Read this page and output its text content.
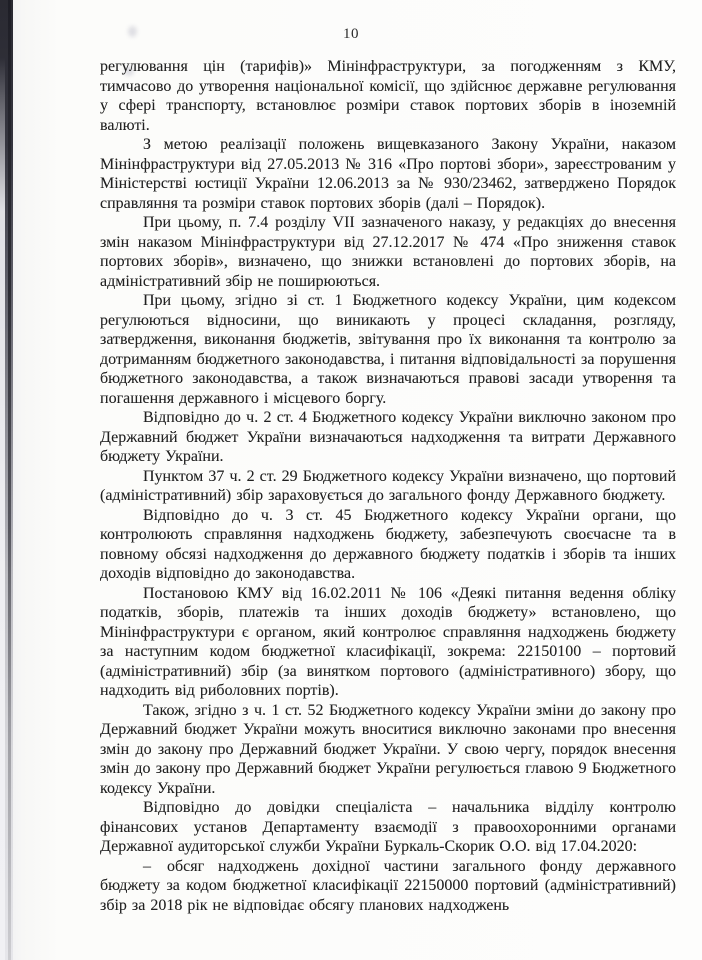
10

регулювання цін (тарифів)» Мінінфраструктури, за погодженням з КМУ, тимчасово до утворення національної комісії, що здійснює державне регулювання у сфері транспорту, встановлює розміри ставок портових зборів в іноземній валюті.

З метою реалізації положень вищевказаного Закону України, наказом Мінінфраструктури від 27.05.2013 № 316 «Про портові збори», зареєстрованим у Міністерстві юстиції України 12.06.2013 за № 930/23462, затверджено Порядок справляння та розміри ставок портових зборів (далі – Порядок).

При цьому, п. 7.4 розділу VII зазначеного наказу, у редакціях до внесення змін наказом Мінінфраструктури від 27.12.2017 № 474 «Про зниження ставок портових зборів», визначено, що знижки встановлені до портових зборів, на адміністративний збір не поширюються.

При цьому, згідно зі ст. 1 Бюджетного кодексу України, цим кодексом регулюються відносини, що виникають у процесі складання, розгляду, затвердження, виконання бюджетів, звітування про їх виконання та контролю за дотриманням бюджетного законодавства, і питання відповідальності за порушення бюджетного законодавства, а також визначаються правові засади утворення та погашення державного і місцевого боргу.

Відповідно до ч. 2 ст. 4 Бюджетного кодексу України виключно законом про Державний бюджет України визначаються надходження та витрати Державного бюджету України.

Пунктом 37 ч. 2 ст. 29 Бюджетного кодексу України визначено, що портовий (адміністративний) збір зараховується до загального фонду Державного бюджету.

Відповідно до ч. 3 ст. 45 Бюджетного кодексу України органи, що контролюють справляння надходжень бюджету, забезпечують своєчасне та в повному обсязі надходження до державного бюджету податків і зборів та інших доходів відповідно до законодавства.

Постановою КМУ від 16.02.2011 № 106 «Деякі питання ведення обліку податків, зборів, платежів та інших доходів бюджету» встановлено, що Мінінфраструктури є органом, який контролює справляння надходжень бюджету за наступним кодом бюджетної класифікації, зокрема: 22150100 – портовий (адміністративний) збір (за винятком портового (адміністративного) збору, що надходить від риболовних портів).

Також, згідно з ч. 1 ст. 52 Бюджетного кодексу України зміни до закону про Державний бюджет України можуть вноситися виключно законами про внесення змін до закону про Державний бюджет України. У свою чергу, порядок внесення змін до закону про Державний бюджет України регулюється главою 9 Бюджетного кодексу України.

Відповідно до довідки спеціаліста – начальника відділу контролю фінансових установ Департаменту взаємодії з правоохоронними органами Державної аудиторської служби України Буркаль-Скорик О.О. від 17.04.2020:

– обсяг надходжень дохідної частини загального фонду державного бюджету за кодом бюджетної класифікації 22150000 портовий (адміністративний) збір за 2018 рік не відповідає обсягу планових надходжень
